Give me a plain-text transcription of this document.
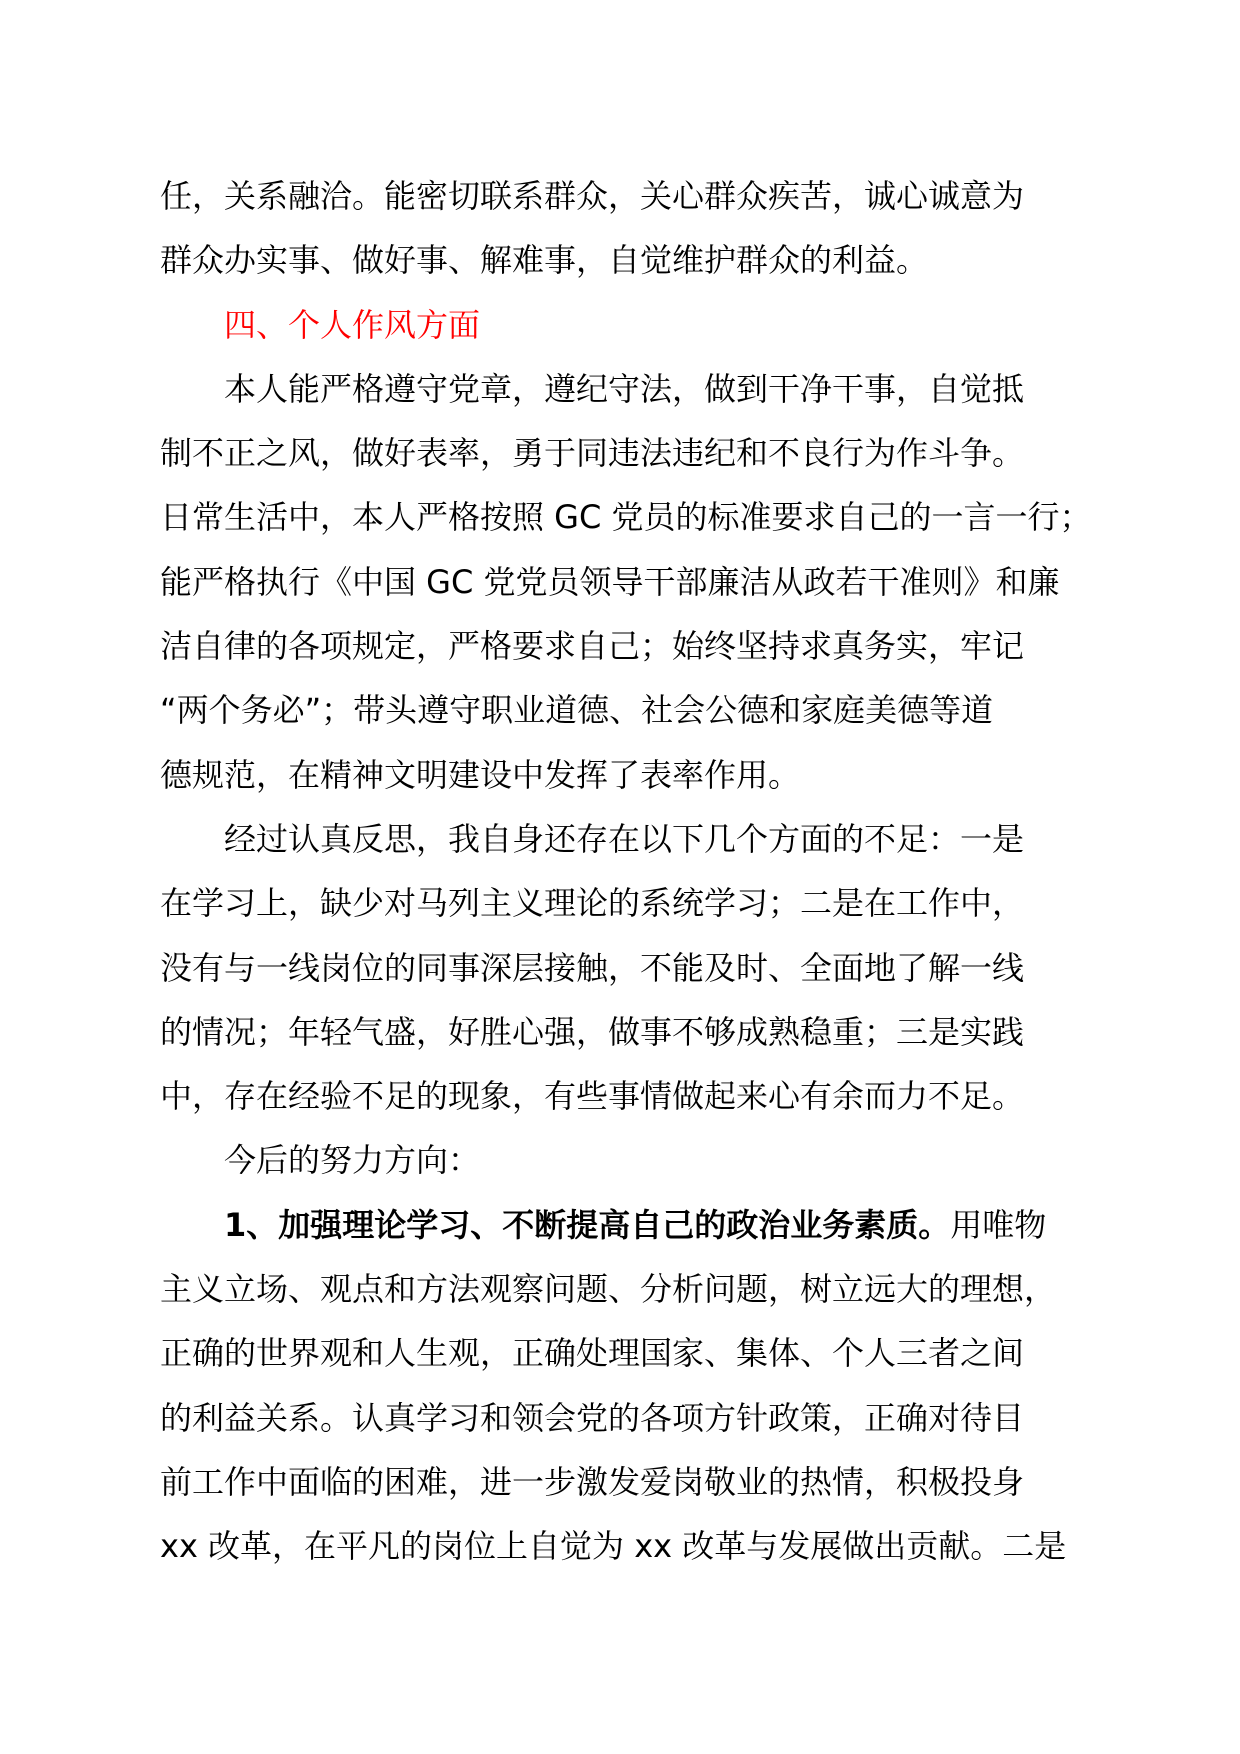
任，关系融洽。能密切联系群众，关心群众疾苦，诚心诚意为
群众办实事、做好事、解难事，自觉维护群众的利益。
四、个人作风方面
本人能严格遵守党章，遵纪守法，做到干净干事，自觉抵
制不正之风，做好表率，勇于同违法违纪和不良行为作斗争。
日常生活中，本人严格按照 GC 党员的标准要求自己的一言一行；
能严格执行《中国 GC 党党员领导干部廉洁从政若干准则》和廉
洁自律的各项规定，严格要求自己；始终坚持求真务实，牢记
“两个务必”；带头遵守职业道德、社会公德和家庭美德等道
德规范，在精神文明建设中发挥了表率作用。
经过认真反思，我自身还存在以下几个方面的不足：一是
在学习上，缺少对马列主义理论的系统学习；二是在工作中，
没有与一线岗位的同事深层接触，不能及时、全面地了解一线
的情况；年轻气盛，好胜心强，做事不够成熟稳重；三是实践
中，存在经验不足的现象，有些事情做起来心有余而力不足。
今后的努力方向：
1、加强理论学习、不断提高自己的政治业务素质。用唯物
主义立场、观点和方法观察问题、分析问题，树立远大的理想，
正确的世界观和人生观，正确处理国家、集体、个人三者之间
的利益关系。认真学习和领会党的各项方针政策，正确对待目
前工作中面临的困难，进一步激发爱岗敬业的热情，积极投身
xx 改革，在平凡的岗位上自觉为 xx 改革与发展做出贡献。二是
